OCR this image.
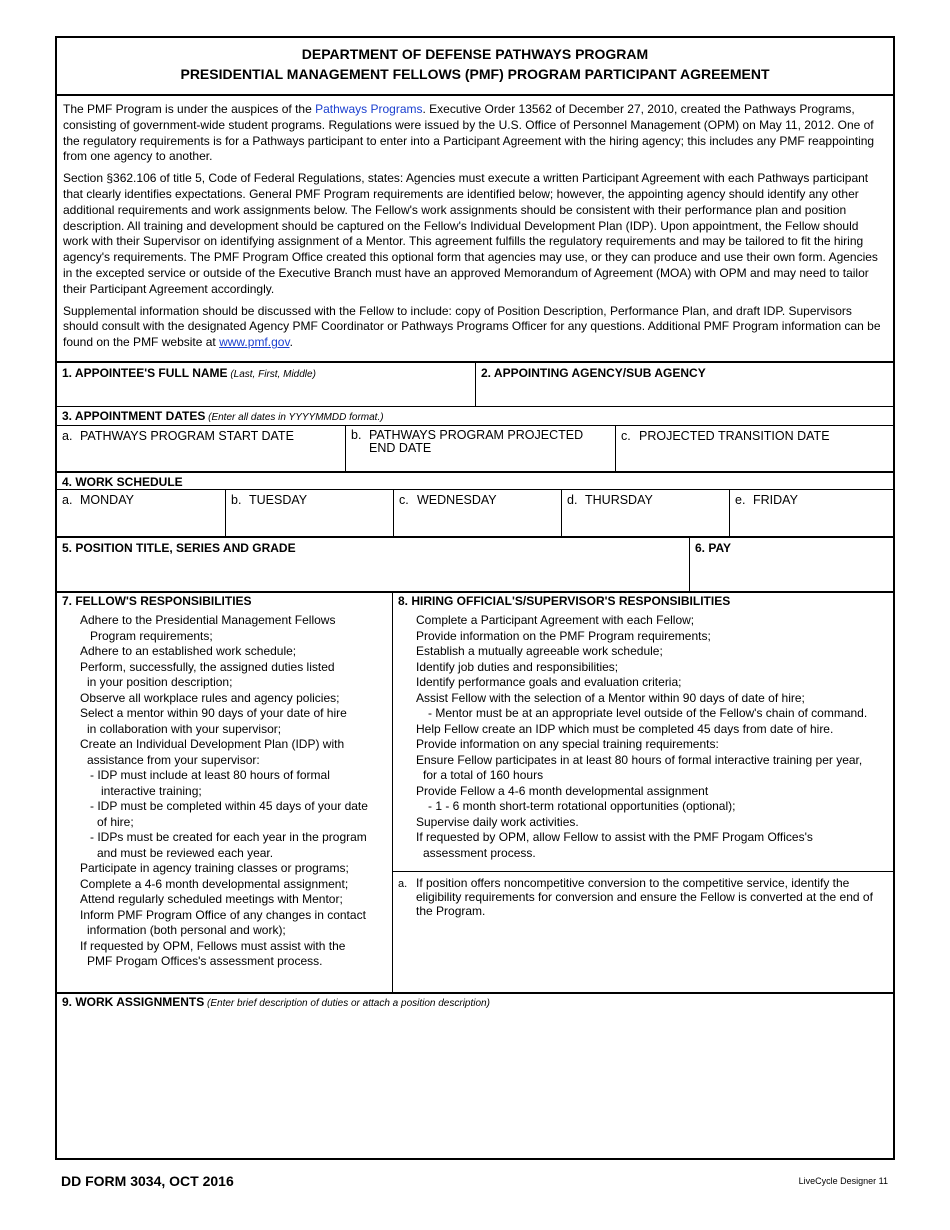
DEPARTMENT OF DEFENSE PATHWAYS PROGRAM
PRESIDENTIAL MANAGEMENT FELLOWS (PMF) PROGRAM PARTICIPANT AGREEMENT

The PMF Program is under the auspices of the Pathways Programs. Executive Order 13562 of December 27, 2010, created the Pathways Programs, consisting of government-wide student programs. Regulations were issued by the U.S. Office of Personnel Management (OPM) on May 11, 2012. One of the regulatory requirements is for a Pathways participant to enter into a Participant Agreement with the hiring agency; this includes any PMF reappointing from one agency to another.

Section §362.106 of title 5, Code of Federal Regulations, states: Agencies must execute a written Participant Agreement with each Pathways participant that clearly identifies expectations. General PMF Program requirements are identified below; however, the appointing agency should identify any other additional requirements and work assignments below. The Fellow's work assignments should be consistent with their performance plan and position description. All training and development should be captured on the Fellow's Individual Development Plan (IDP). Upon appointment, the Fellow should work with their Supervisor on identifying assignment of a Mentor. This agreement fulfills the regulatory requirements and may be tailored to fit the hiring agency's requirements. The PMF Program Office created this optional form that agencies may use, or they can produce and use their own form. Agencies in the excepted service or outside of the Executive Branch must have an approved Memorandum of Agreement (MOA) with OPM and may need to tailor their Participant Agreement accordingly.

Supplemental information should be discussed with the Fellow to include: copy of Position Description, Performance Plan, and draft IDP. Supervisors should consult with the designated Agency PMF Coordinator or Pathways Programs Officer for any questions. Additional PMF Program information can be found on the PMF website at www.pmf.gov.

1. APPOINTEE'S FULL NAME (Last, First, Middle)	2. APPOINTING AGENCY/SUB AGENCY
3. APPOINTMENT DATES (Enter all dates in YYYYMMDD format.)
a. PATHWAYS PROGRAM START DATE	b. PATHWAYS PROGRAM PROJECTED
END DATE
c. PROJECTED TRANSITION DATE
4. WORK SCHEDULE
a. MONDAY	b. TUESDAY	c. WEDNESDAY	d. THURSDAY	e. FRIDAY
5. POSITION TITLE, SERIES AND GRADE	6. PAY
7. FELLOW'S RESPONSIBILITIES
Adhere to the Presidential Management Fellows
Program requirements;
Adhere to an established work schedule;
Perform, successfully, the assigned duties listed
in your position description;
Observe all workplace rules and agency policies;
Select a mentor within 90 days of your date of hire
in collaboration with your supervisor;
Create an Individual Development Plan (IDP) with
assistance from your supervisor:
- IDP must include at least 80 hours of formal
interactive training;
- IDP must be completed within 45 days of your date
of hire;
- IDPs must be created for each year in the program
and must be reviewed each year.
Participate in agency training classes or programs;
Complete a 4-6 month developmental assignment;
Attend regularly scheduled meetings with Mentor;
Inform PMF Program Office of any changes in contact
information (both personal and work);
If requested by OPM, Fellows must assist with the
PMF Progam Offices's assessment process.
8. HIRING OFFICIAL'S/SUPERVISOR'S RESPONSIBILITIES
Complete a Participant Agreement with each Fellow;
Provide information on the PMF Program requirements;
Establish a mutually agreeable work schedule;
Identify job duties and responsibilities;
Identify performance goals and evaluation criteria;
Assist Fellow with the selection of a Mentor within 90 days of date of hire;
- Mentor must be at an appropriate level outside of the Fellow's chain of command.
Help Fellow create an IDP which must be completed 45 days from date of hire.
Provide information on any special training requirements:
Ensure Fellow participates in at least 80 hours of formal interactive training per year,
for a total of 160 hours
Provide Fellow a 4-6 month developmental assignment
- 1 - 6 month short-term rotational opportunities (optional);
Supervise daily work activities.
If requested by OPM, allow Fellow to assist with the PMF Progam Offices's
assessment process.
a. If position offers noncompetitive conversion to the competitive service, identify the eligibility requirements for conversion and ensure the Fellow is converted at the end of the Program.
9. WORK ASSIGNMENTS (Enter brief description of duties or attach a position description)
DD FORM 3034, OCT 2016	LiveCycle Designer 11
